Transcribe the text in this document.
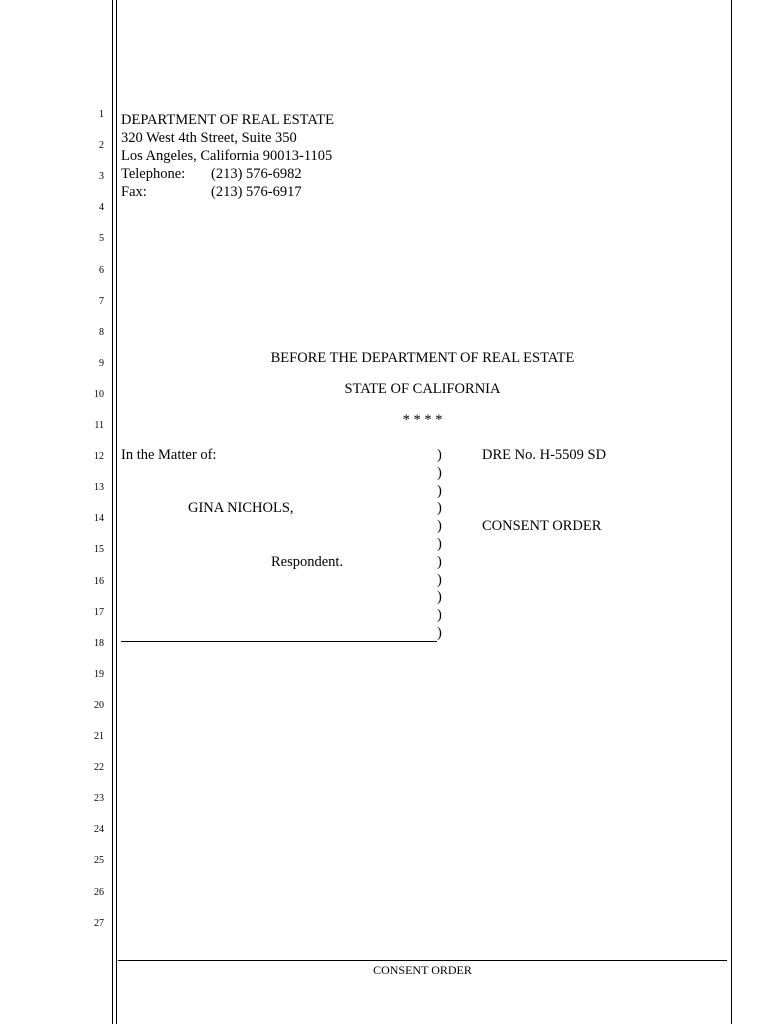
1
2
3
4
5
6
7
8
9
10
11
12
13
14
15
16
17
18
19
20
21
22
23
24
25
26
27
DEPARTMENT OF REAL ESTATE
320 West 4th Street, Suite 350
Los Angeles, California 90013-1105
Telephone: (213) 576-6982
Fax:	(213) 576-6917
BEFORE THE DEPARTMENT OF REAL ESTATE
STATE OF CALIFORNIA
* * * *
In the Matter of:
GINA NICHOLS,
Respondent.
)
)
)
)
)
)
)
)
)
)
)
DRE No. H-5509 SD
CONSENT ORDER
CONSENT ORDER
